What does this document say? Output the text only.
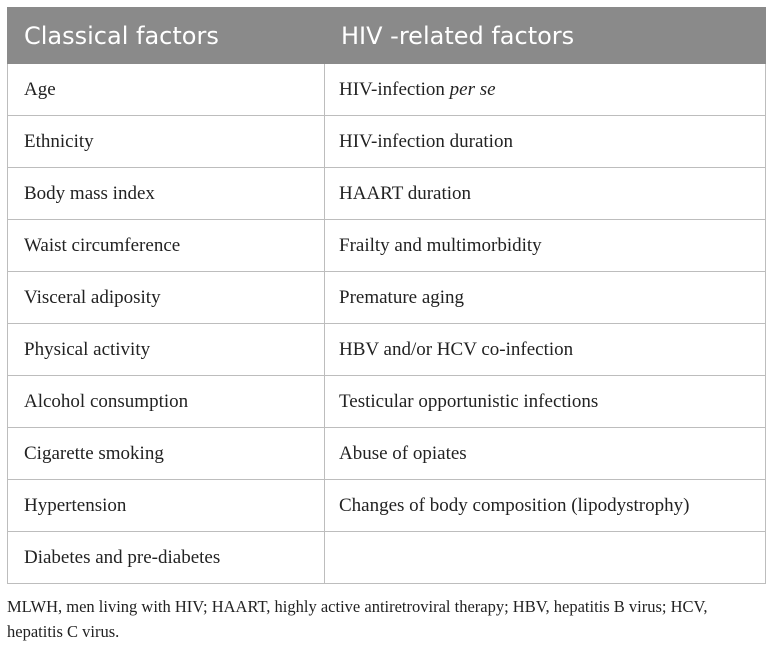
Classical factors	HIV -related factors
Age	HIV-infection per se
Ethnicity	HIV-infection duration
Body mass index	HAART duration
Waist circumference	Frailty and multimorbidity
Visceral adiposity	Premature aging
Physical activity	HBV and/or HCV co-infection
Alcohol consumption	Testicular opportunistic infections
Cigarette smoking	Abuse of opiates
Hypertension	Changes of body composition (lipodystrophy)
Diabetes and pre-diabetes	
MLWH, men living with HIV; HAART, highly active antiretroviral therapy; HBV, hepatitis B virus; HCV, hepatitis C virus.
